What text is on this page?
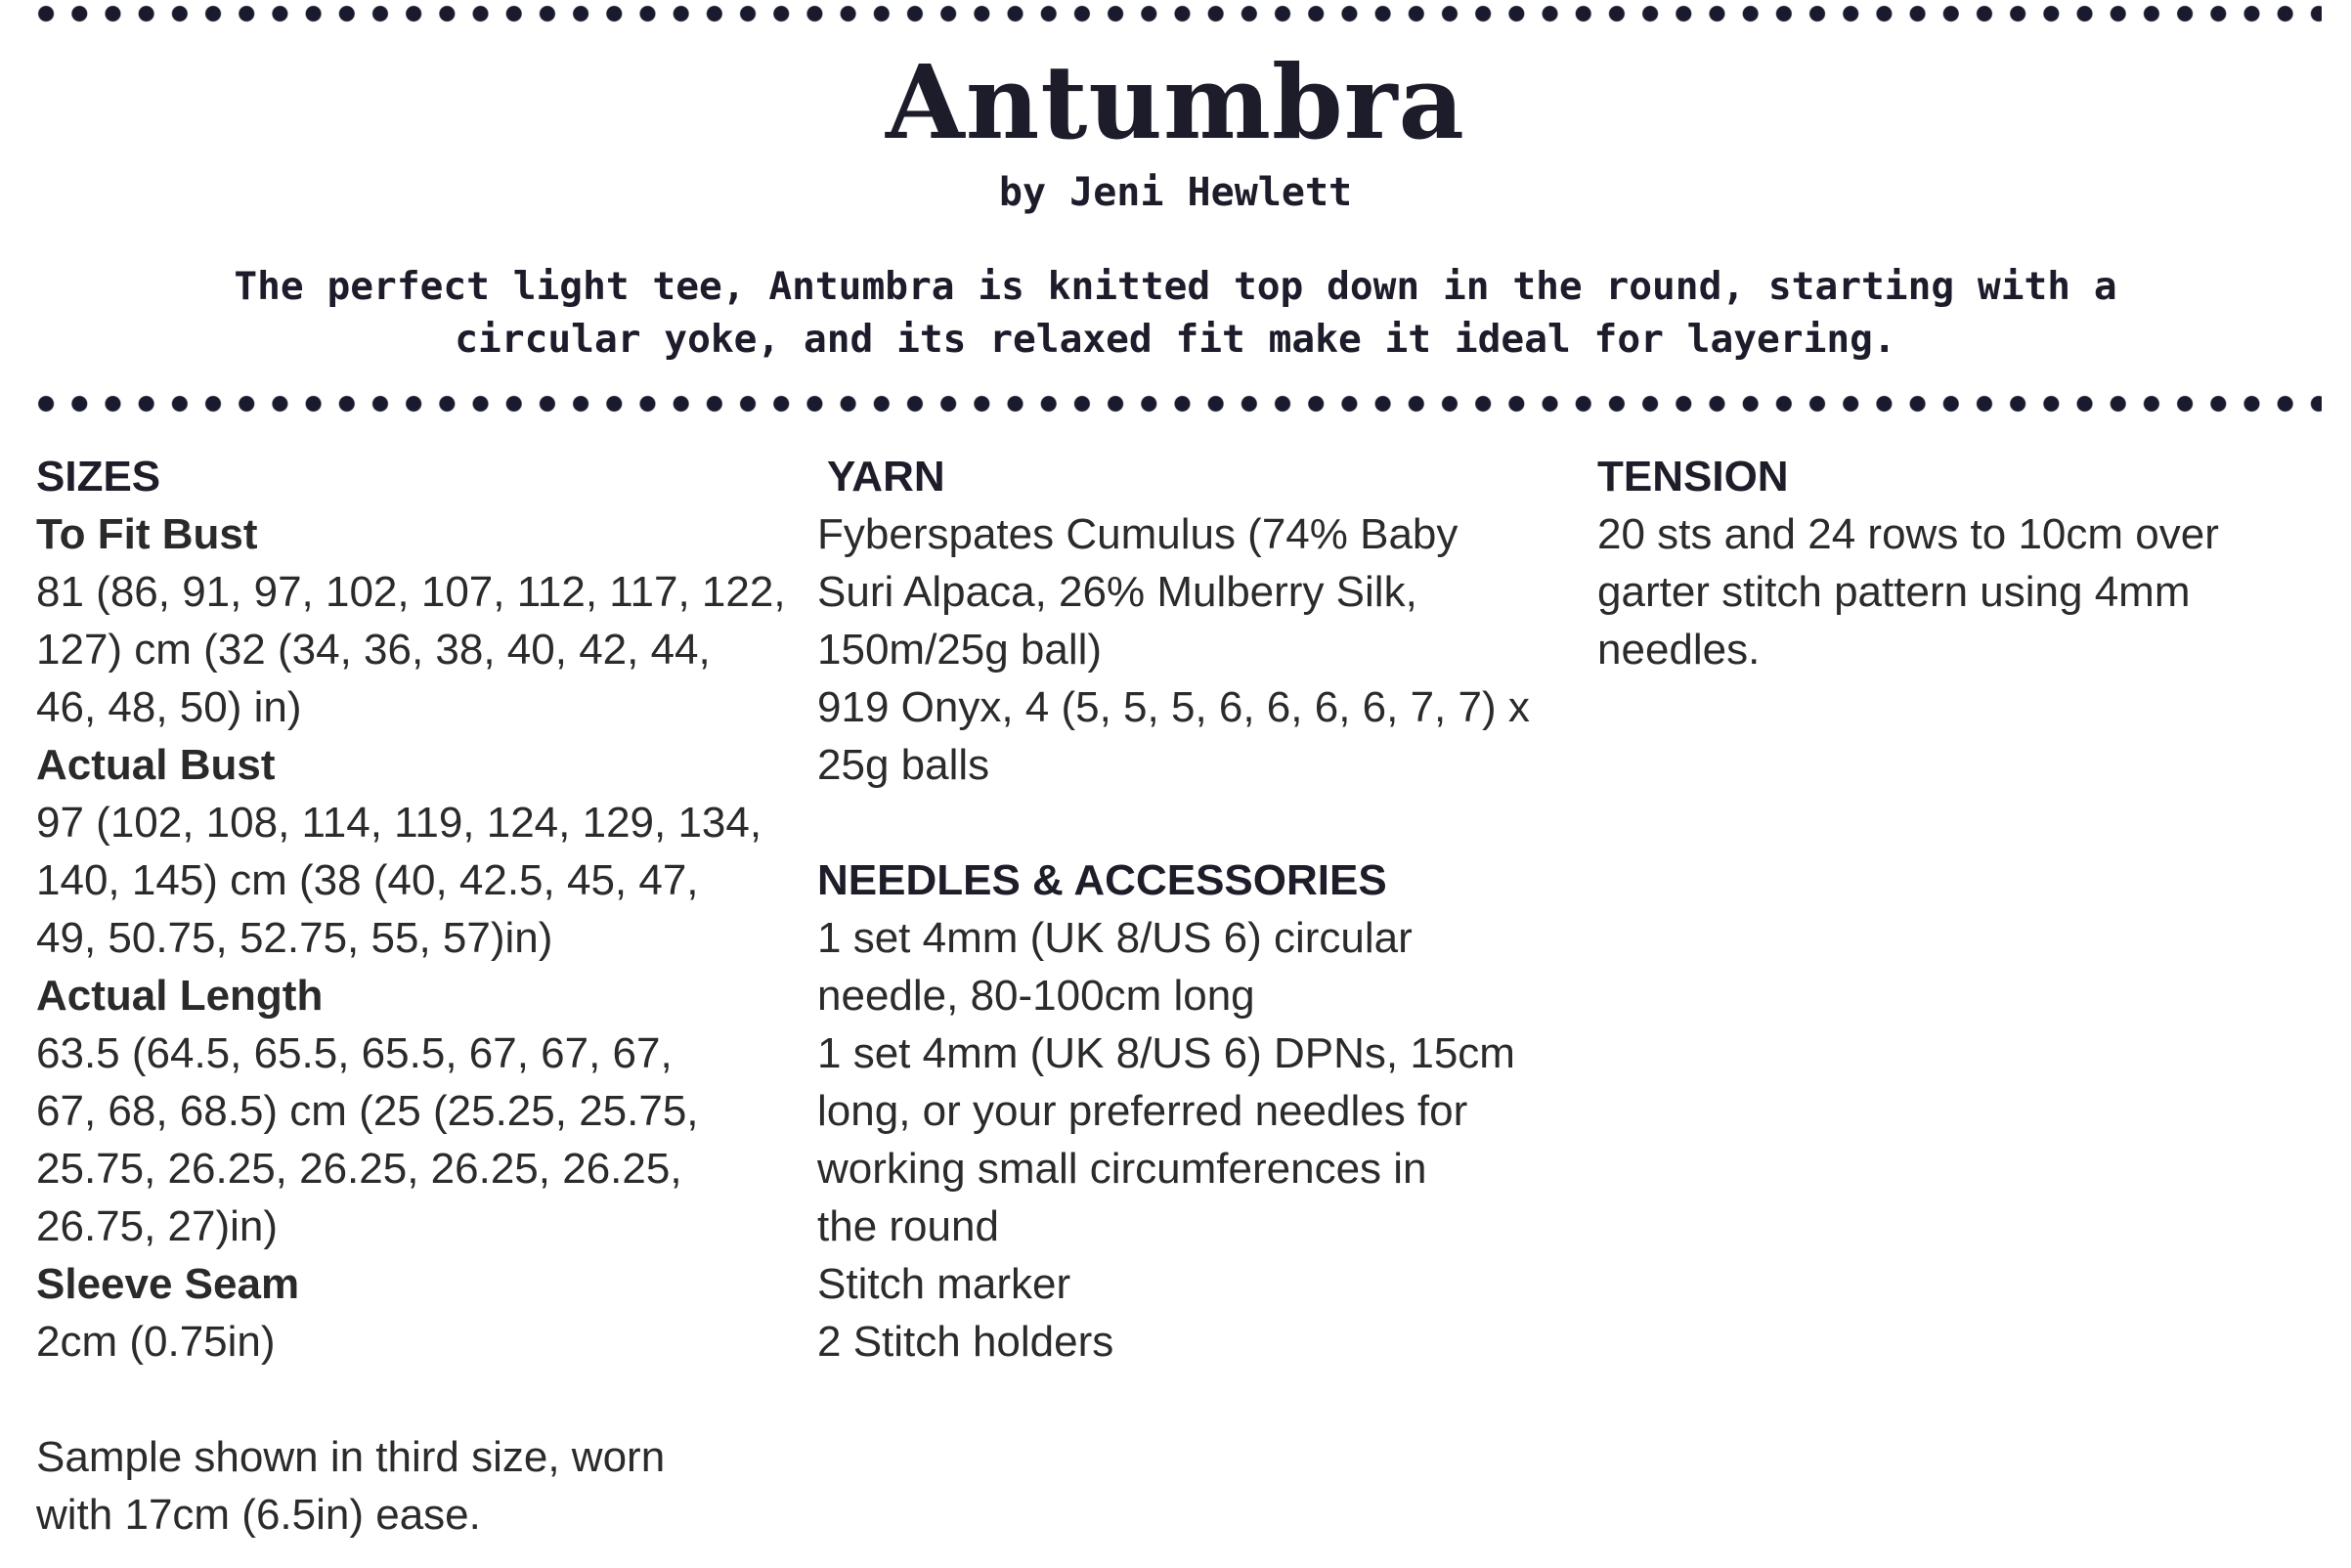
Antumbra
by Jeni Hewlett

The perfect light tee, Antumbra is knitted top down in the round, starting with a
circular yoke, and its relaxed fit make it ideal for layering.

SIZES
To Fit Bust
81 (86, 91, 97, 102, 107, 112, 117, 122,
127) cm (32 (34, 36, 38, 40, 42, 44,
46, 48, 50) in)
Actual Bust
97 (102, 108, 114, 119, 124, 129, 134,
140, 145) cm (38 (40, 42.5, 45, 47,
49, 50.75, 52.75, 55, 57)in)
Actual Length
63.5 (64.5, 65.5, 65.5, 67, 67, 67,
67, 68, 68.5) cm (25 (25.25, 25.75,
25.75, 26.25, 26.25, 26.25, 26.25,
26.75, 27)in)
Sleeve Seam
2cm (0.75in)
Sample shown in third size, worn
with 17cm (6.5in) ease.
YARN
Fyberspates Cumulus (74% Baby
Suri Alpaca, 26% Mulberry Silk,
150m/25g ball)
919 Onyx, 4 (5, 5, 5, 6, 6, 6, 6, 7, 7) x
25g balls
NEEDLES & ACCESSORIES
1 set 4mm (UK 8/US 6) circular
needle, 80-100cm long
1 set 4mm (UK 8/US 6) DPNs, 15cm
long, or your preferred needles for
working small circumferences in
the round
Stitch marker
2 Stitch holders
TENSION
20 sts and 24 rows to 10cm over
garter stitch pattern using 4mm
needles.
